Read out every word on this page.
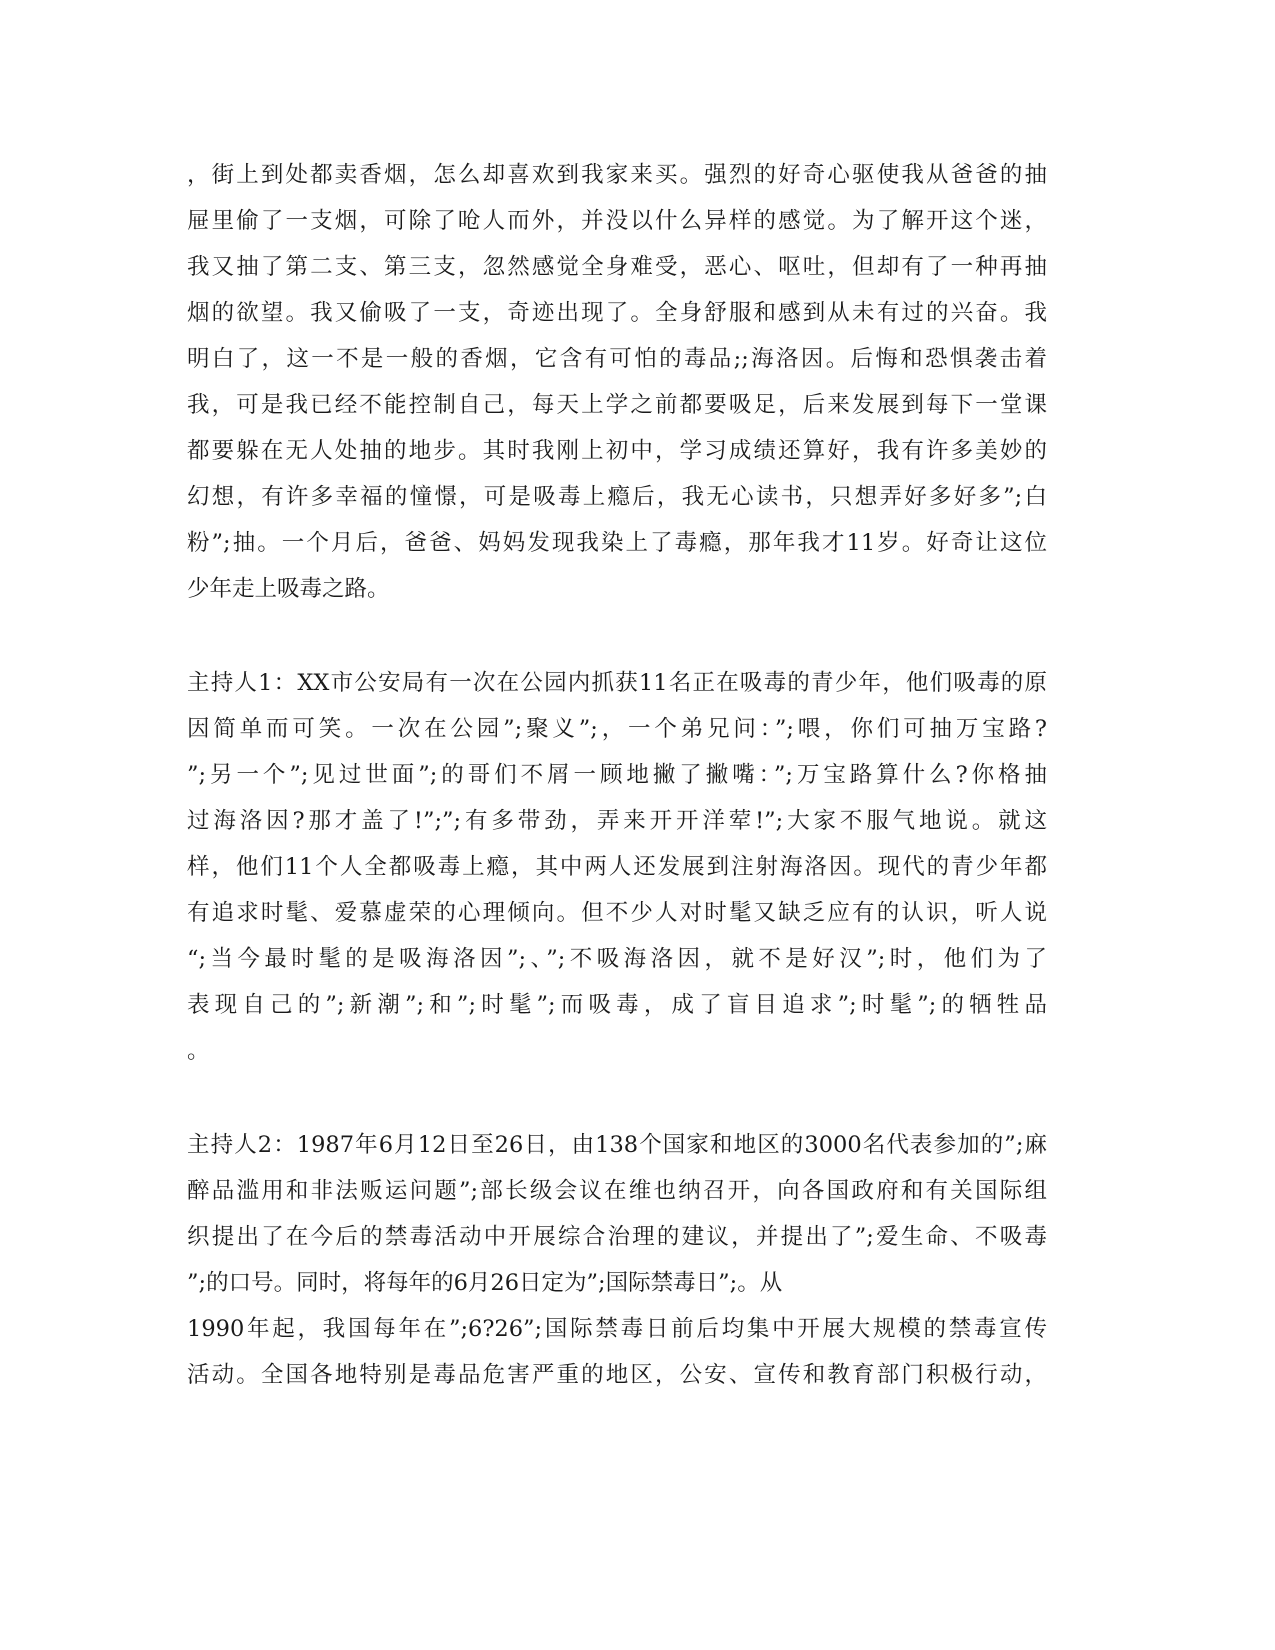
，街上到处都卖香烟，怎么却喜欢到我家来买。强烈的好奇心驱使我从爸爸的抽
屉里偷了一支烟，可除了呛人而外，并没以什么异样的感觉。为了解开这个迷，
我又抽了第二支、第三支，忽然感觉全身难受，恶心、呕吐，但却有了一种再抽
烟的欲望。我又偷吸了一支，奇迹出现了。全身舒服和感到从未有过的兴奋。我
明白了，这一不是一般的香烟，它含有可怕的毒品;;海洛因。后悔和恐惧袭击着
我，可是我已经不能控制自己，每天上学之前都要吸足，后来发展到每下一堂课
都要躲在无人处抽的地步。其时我刚上初中，学习成绩还算好，我有许多美妙的
幻想，有许多幸福的憧憬，可是吸毒上瘾后，我无心读书，只想弄好多好多”;白
粉”;抽。一个月后，爸爸、妈妈发现我染上了毒瘾，那年我才11岁。好奇让这位
少年走上吸毒之路。
主持人1：XX市公安局有一次在公园内抓获11名正在吸毒的青少年，他们吸毒的原
因简单而可笑。一次在公园”;聚义”;，一个弟兄问：”;喂，你们可抽万宝路?
”;另一个”;见过世面”;的哥们不屑一顾地撇了撇嘴：”;万宝路算什么?你格抽
过海洛因?那才盖了!”;”;有多带劲，弄来开开洋荤!”;大家不服气地说。就这
样，他们11个人全都吸毒上瘾，其中两人还发展到注射海洛因。现代的青少年都
有追求时髦、爱慕虚荣的心理倾向。但不少人对时髦又缺乏应有的认识，听人说
“;当今最时髦的是吸海洛因”;、”;不吸海洛因，就不是好汉”;时，他们为了
表现自己的”;新潮”;和”;时髦”;而吸毒，成了盲目追求”;时髦”;的牺牲品
。
主持人2：1987年6月12日至26日，由138个国家和地区的3000名代表参加的”;麻
醉品滥用和非法贩运问题”;部长级会议在维也纳召开，向各国政府和有关国际组
织提出了在今后的禁毒活动中开展综合治理的建议，并提出了”;爱生命、不吸毒
”;的口号。同时，将每年的6月26日定为”;国际禁毒日”;。从
1990年起，我国每年在”;6?26”;国际禁毒日前后均集中开展大规模的禁毒宣传
活动。全国各地特别是毒品危害严重的地区，公安、宣传和教育部门积极行动，
